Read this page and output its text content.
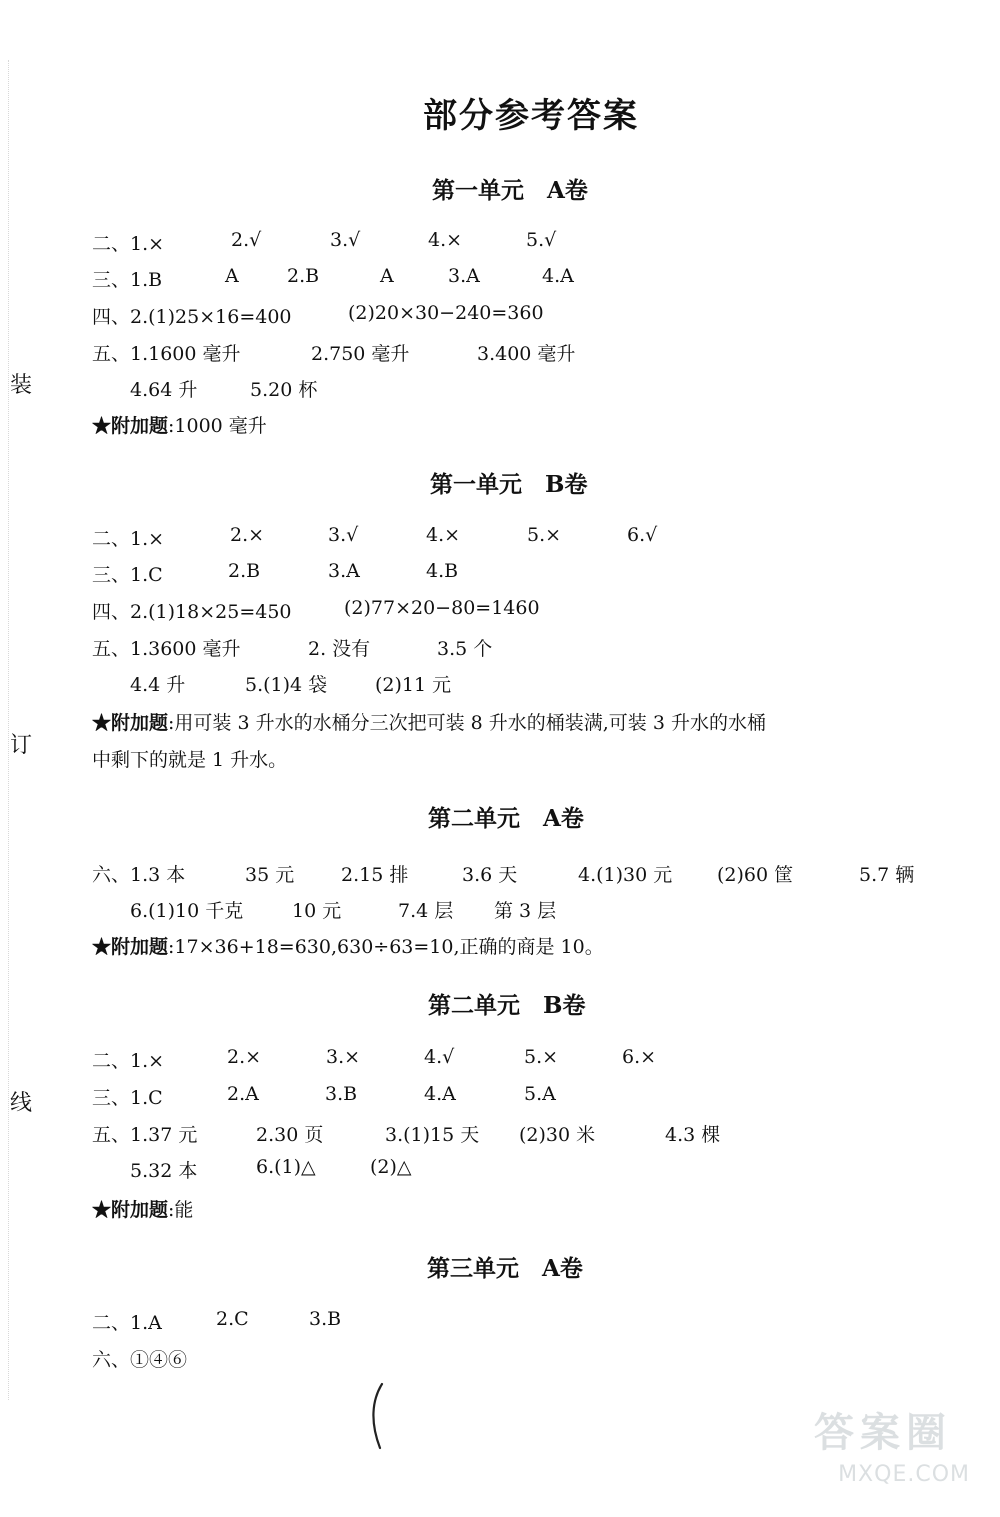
装
订
线
部分参考答案
第一单元　A卷
二、1.×	2.√	3.√	4.×	5.√
三、1.B	A	2.B	A	3.A	4.A
四、2.(1)25×16=400	(2)20×30−240=360
五、1.1600 毫升	2.750 毫升	3.400 毫升
4.64 升	5.20 杯
★附加题:1000 毫升
第一单元　B卷
二、1.×	2.×	3.√	4.×	5.×	6.√
三、1.C	2.B	3.A	4.B
四、2.(1)18×25=450	(2)77×20−80=1460
五、1.3600 毫升	2. 没有	3.5 个
4.4 升	5.(1)4 袋	(2)11 元
★附加题:用可装 3 升水的水桶分三次把可装 8 升水的桶装满,可装 3 升水的水桶
中剩下的就是 1 升水。
第二单元　A卷
六、1.3 本	35 元 2.15 排	3.6 天	4.(1)30 元 (2)60 筐	5.7 辆
6.(1)10 千克	10 元	7.4 层 第 3 层
★附加题:17×36+18=630,630÷63=10,正确的商是 10。
第二单元　B卷
二、1.×	2.×	3.×	4.√	5.×	6.×
三、1.C	2.A	3.B	4.A	5.A
五、1.37 元	2.30 页	3.(1)15 天 (2)30 米	4.3 棵
5.32 本	6.(1)△	(2)△
★附加题:能
第三单元　A卷
二、1.A	2.C	3.B
六、①④⑥
答案圈
MXQE.COM
